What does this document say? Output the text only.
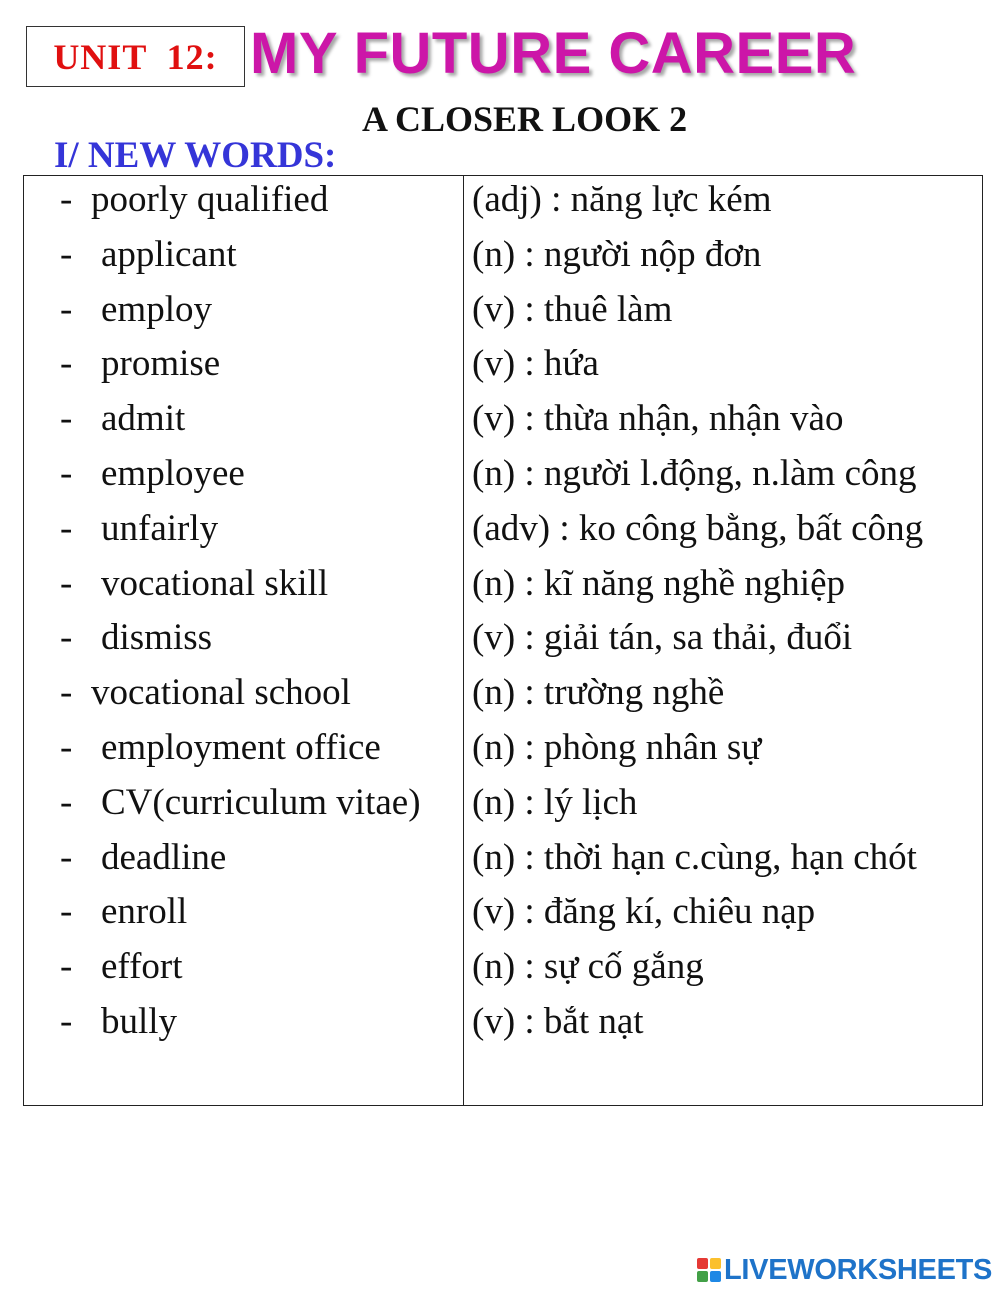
UNIT  12: MY FUTURE CAREER
A CLOSER LOOK 2
I/ NEW WORDS:
- poorly qualified	(adj) : năng lực kém
- applicant	(n) : người nộp đơn
- employ	(v) : thuê làm
- promise	(v) : hứa
- admit	(v) : thừa nhận, nhận vào
- employee	(n) : người l.động, n.làm công
- unfairly	(adv) : ko công bằng, bất công
- vocational skill	(n) : kĩ năng nghề nghiệp
- dismiss	(v) : giải tán, sa thải, đuổi
- vocational school	(n) : trường nghề
- employment office (n) : phòng nhân sự
- CV(curriculum vitae) (n) : lý lịch
- deadline	(n) : thời hạn c.cùng, hạn chót
- enroll	(v) : đăng kí, chiêu nạp
- effort	(n) : sự cố gắng
- bully	(v) : bắt nạt
LIVEWORKSHEETS
